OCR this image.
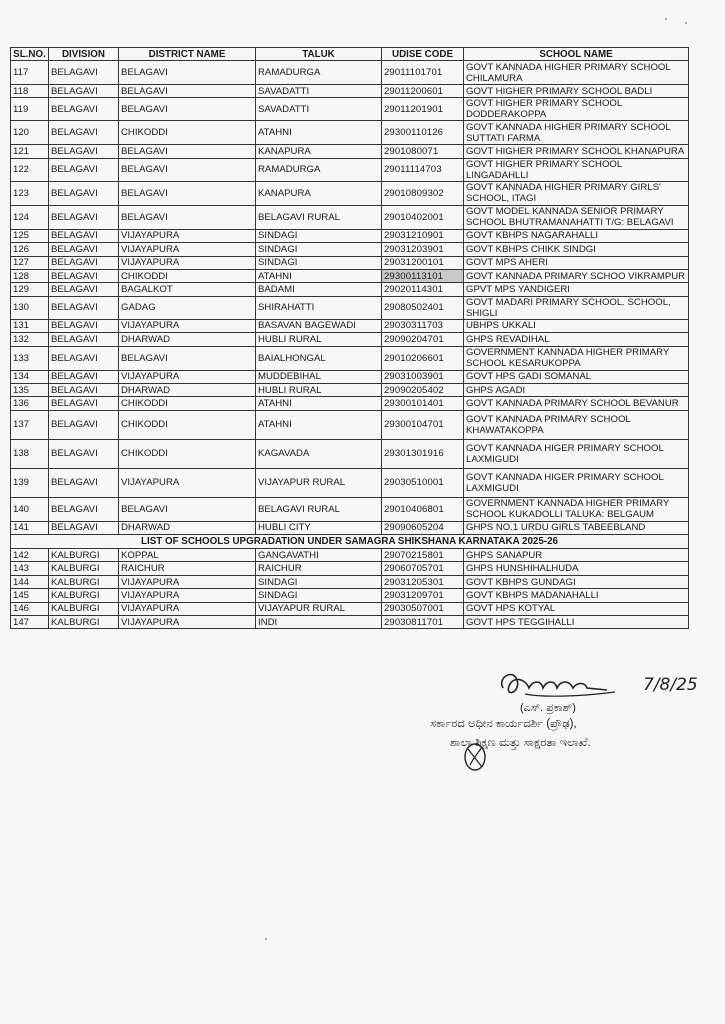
SL.NO.	DIVISION	DISTRICT NAME	TALUK	UDISE CODE	SCHOOL NAME
117	BELAGAVI	BELAGAVI	RAMADURGA	29011101701	GOVT KANNADA HIGHER PRIMARY SCHOOL CHILAMURA
118	BELAGAVI	BELAGAVI	SAVADATTI	29011200601	GOVT HIGHER PRIMARY SCHOOL BADLI
119	BELAGAVI	BELAGAVI	SAVADATTI	29011201901	GOVT HIGHER PRIMARY SCHOOL DODDERAKOPPA
120	BELAGAVI	CHIKODDI	ATAHNI	29300110126	GOVT KANNADA HIGHER PRIMARY SCHOOL SUTTATI FARMA
121	BELAGAVI	BELAGAVI	KANAPURA	2901080071	GOVT HIGHER PRIMARY SCHOOL KHANAPURA
122	BELAGAVI	BELAGAVI	RAMADURGA	29011114703	GOVT HIGHER PRIMARY SCHOOL LINGADAHLLI
123	BELAGAVI	BELAGAVI	KANAPURA	29010809302	GOVT KANNADA HIGHER PRIMARY GIRLS' SCHOOL, ITAGI
124	BELAGAVI	BELAGAVI	BELAGAVI RURAL	29010402001	GOVT MODEL KANNADA SENIOR PRIMARY SCHOOL BHUTRAMANAHATTI T/G: BELAGAVI
125	BELAGAVI	VIJAYAPURA	SINDAGI	29031210901	GOVT KBHPS NAGARAHALLI
126	BELAGAVI	VIJAYAPURA	SINDAGI	29031203901	GOVT KBHPS CHIKK SINDGI
127	BELAGAVI	VIJAYAPURA	SINDAGI	29031200101	GOVT MPS AHERI
128	BELAGAVI	CHIKODDI	ATAHNI	29300113101	GOVT KANNADA PRIMARY SCHOO VIKRAMPUR
129	BELAGAVI	BAGALKOT	BADAMI	29020114301	GPVT MPS YANDIGERI
130	BELAGAVI	GADAG	SHIRAHATTI	29080502401	GOVT MADARI PRIMARY SCHOOL. SCHOOL, SHIGLI
131	BELAGAVI	VIJAYAPURA	BASAVAN BAGEWADI	29030311703	UBHPS UKKALI
132	BELAGAVI	DHARWAD	HUBLI RURAL	29090204701	GHPS REVADIHAL
133	BELAGAVI	BELAGAVI	BAIALHONGAL	29010206601	GOVERNMENT KANNADA HIGHER PRIMARY SCHOOL KESARUKOPPA
134	BELAGAVI	VIJAYAPURA	MUDDEBIHAL	29031003901	GOVT HPS GADI SOMANAL
135	BELAGAVI	DHARWAD	HUBLI RURAL	29090205402	GHPS AGADI
136	BELAGAVI	CHIKODDI	ATAHNI	29300101401	GOVT KANNADA PRIMARY SCHOOL BEVANUR
137	BELAGAVI	CHIKODDI	ATAHNI	29300104701	GOVT KANNADA PRIMARY SCHOOL KHAWATAKOPPA
138	BELAGAVI	CHIKODDI	KAGAVADA	29301301916	GOVT KANNADA HIGER PRIMARY SCHOOL LAXMIGUDI
139	BELAGAVI	VIJAYAPURA	VIJAYAPUR RURAL	29030510001	GOVT KANNADA HIGER PRIMARY SCHOOL LAXMIGUDI
140	BELAGAVI	BELAGAVI	BELAGAVI RURAL	29010406801	GOVERNMENT KANNADA HIGHER PRIMARY SCHOOL KUKADOLLI TALUKA: BELGAUM
141	BELAGAVI	DHARWAD	HUBLI CITY	29090605204	GHPS NO.1 URDU GIRLS TABEEBLAND
LIST OF SCHOOLS UPGRADATION UNDER SAMAGRA SHIKSHANA KARNATAKA 2025-26					
142	KALBURGI	KOPPAL	GANGAVATHI	29070215801	GHPS SANAPUR
143	KALBURGI	RAICHUR	RAICHUR	29060705701	GHPS HUNSHIHALHUDA
144	KALBURGI	VIJAYAPURA	SINDAGI	29031205301	GOVT KBHPS GUNDAGI
145	KALBURGI	VIJAYAPURA	SINDAGI	29031209701	GOVT KBHPS MADANAHALLI
146	KALBURGI	VIJAYAPURA	VIJAYAPUR RURAL	29030507001	GOVT HPS KOTYAL
147	KALBURGI	VIJAYAPURA	INDI	29030811701	GOVT HPS TEGGIHALLI
7/8/25
(ಎಸ್. ಪ್ರಕಾಶ್)
ಸರ್ಕಾರದ ಅಧೀನ ಕಾರ್ಯದರ್ಶಿ (ಪ್ರೌಢ),
ಶಾಲಾ ಶಿಕ್ಷಣ ಮತ್ತು ಸಾಕ್ಷರತಾ ಇಲಾಖೆ.
